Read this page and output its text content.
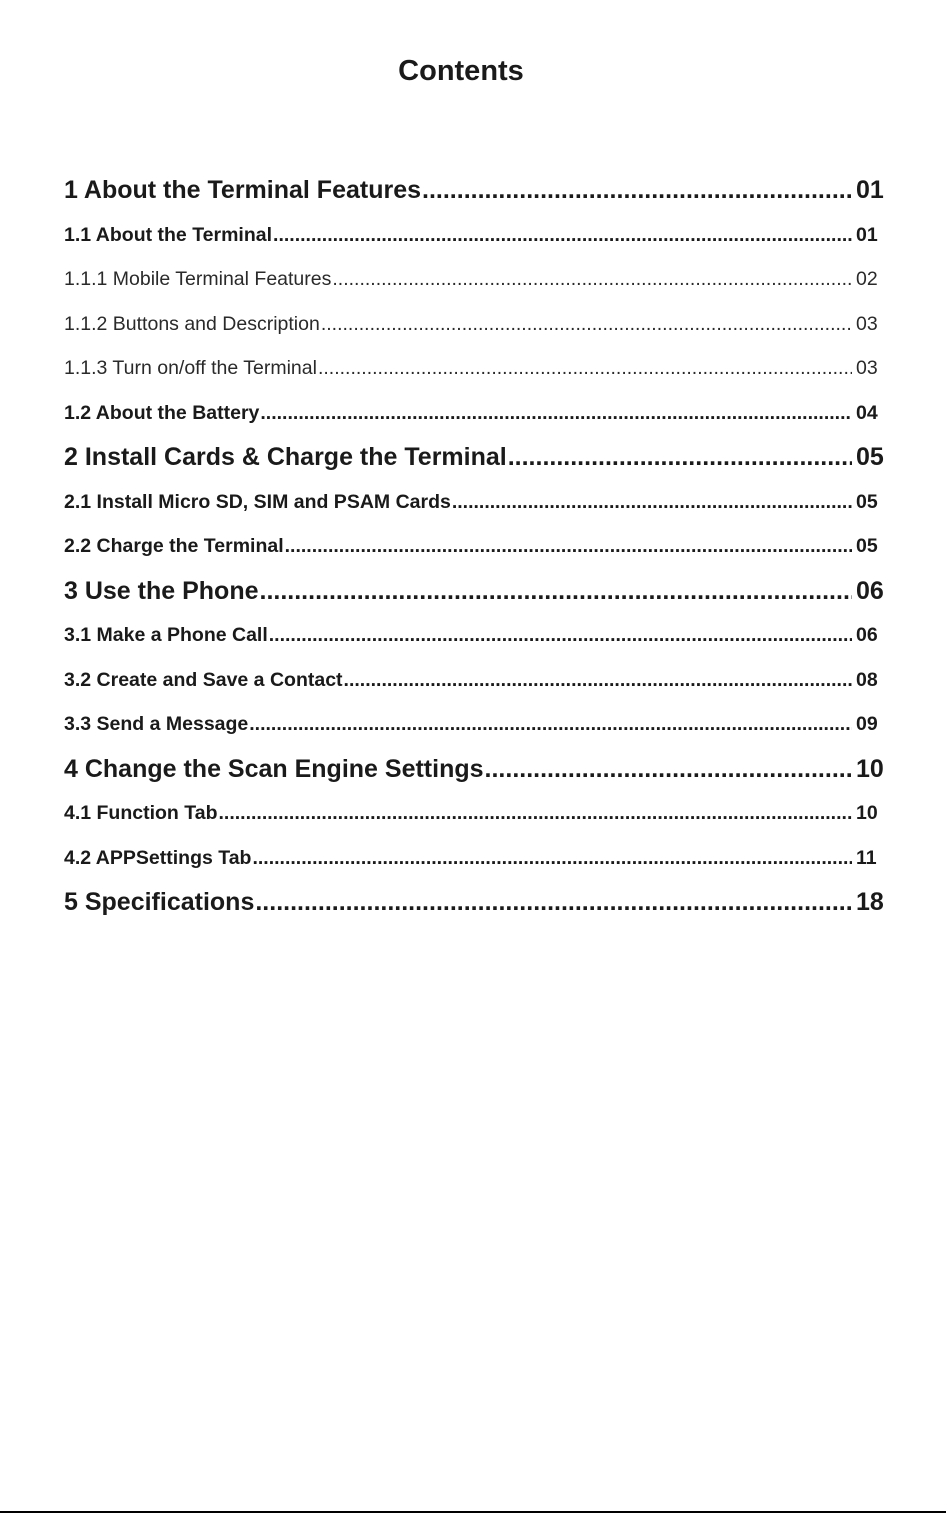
Contents
1 About the Terminal Features .....	01
1.1 About the Terminal .....	01
1.1.1 Mobile Terminal Features .....	02
1.1.2 Buttons and Description .....	03
1.1.3 Turn on/off the Terminal .....	03
1.2 About the Battery .....	04
2 Install Cards & Charge the Terminal .....	05
2.1 Install Micro SD, SIM and PSAM Cards .....	05
2.2 Charge the Terminal .....	05
3 Use the Phone .....	06
3.1 Make a Phone Call .....	06
3.2 Create and Save a Contact .....	08
3.3 Send a Message .....	09
4 Change the Scan Engine Settings .....	10
4.1 Function Tab .....	10
4.2 APPSettings Tab .....	11
5 Specifications .....	18
